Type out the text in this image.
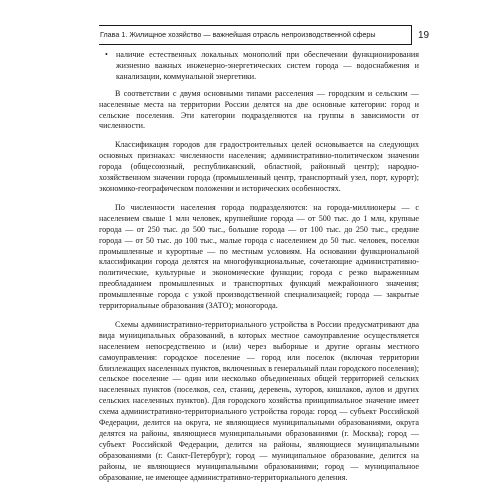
Глава 1. Жилищное хозяйство — важнейшая отрасль непроизводственной сферы	19
•	наличие естественных локальных монополий при обеспечении функционирования жизненно важных инженерно-энергетических систем города — водоснабжения и канализации, коммунальной энергетики.

В соответствии с двумя основными типами расселения — городским и сельским — населенные места на территории России делятся на две основные категории: город и сельские поселения. Эти категории подразделяются на группы в зависимости от численности.

Классификация городов для градостроительных целей основывается на следующих основных признаках: численности населения; административно-политическом значении города (общесоюзный, республиканский, областной, районный центр); народно-хозяйственном значении города (промышленный центр, транспортный узел, порт, курорт); экономико-географическом положении и исторических особенностях.

По численности населения города подразделяются: на города-миллионеры — с населением свыше 1 млн человек, крупнейшие города — от 500 тыс. до 1 млн, крупные города — от 250 тыс. до 500 тыс., большие города — от 100 тыс. до 250 тыс., средние города — от 50 тыс. до 100 тыс., малые города с населением до 50 тыс. человек, поселки промышленные и курортные — по местным условиям. На основании функциональной классификации города делятся на многофункциональные, сочетающие административно-политические, культурные и экономические функции; города с резко выраженным преобладанием промышленных и транспортных функций межрайонного значения; промышленные города с узкой производственной специализацией; города — закрытые территориальные образования (ЗАТО); моногорода.

Схемы административно-территориального устройства в России предусматривают два вида муниципальных образований, в которых местное самоуправление осуществляется населением непосредственно и (или) через выборные и другие органы местного самоуправления: городское поселение — город или поселок (включая территории близлежащих населенных пунктов, включенных в генеральный план городского поселения); сельское поселение — один или несколько объединенных общей территорией сельских населенных пунктов (поселков, сел, станиц, деревень, хуторов, кишлаков, аулов и других сельских населенных пунктов). Для городского хозяйства принципиальное значение имеет схема административно-территориального устройства города: город — субъект Российской Федерации, делится на округа, не являющиеся муниципальными образованиями, округа делятся на районы, являющиеся муниципальными образованиями (г. Москва); город — субъект Российской Федерации, делится на районы, являющиеся муниципальными образованиями (г. Санкт-Петербург); город — муниципальное образование, делится на районы, не являющиеся муниципальными образованиями; город — муниципальное образование, не имеющее административно-территориального деления.
